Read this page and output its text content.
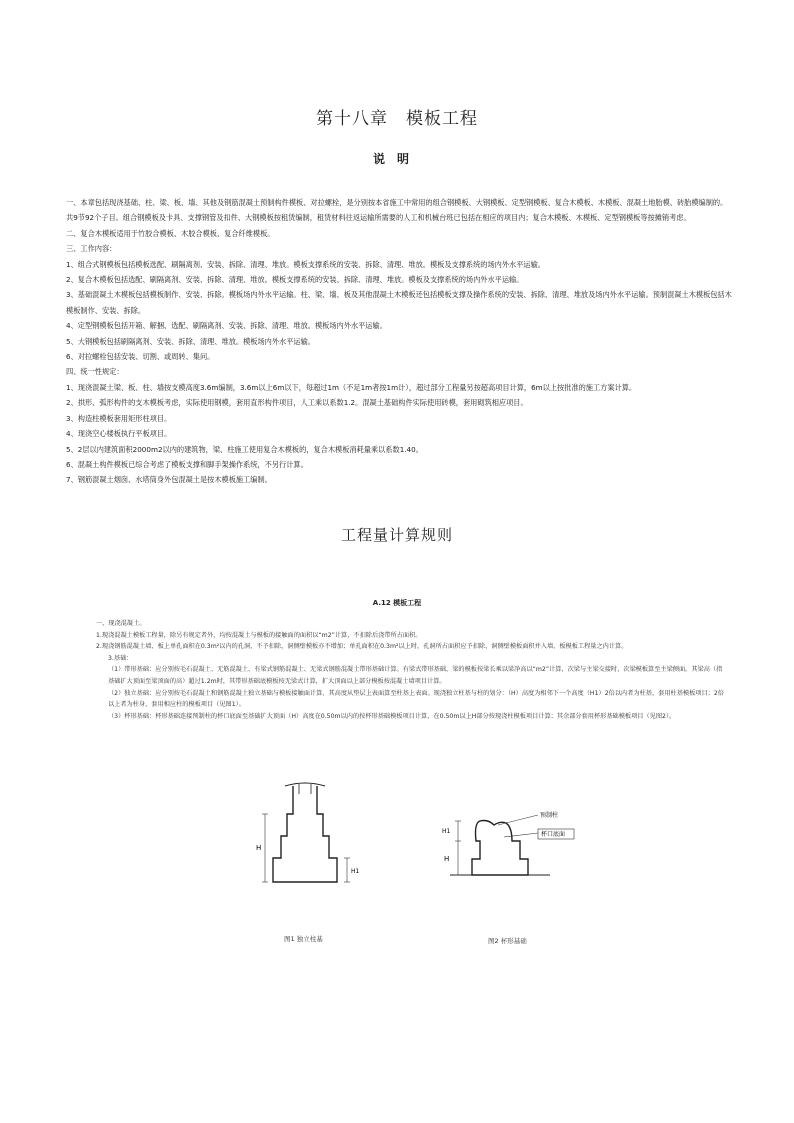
第十八章　模板工程
说明

一、本章包括现浇基础、柱、梁、板、墙、其他及钢筋混凝土预制构件模板、对拉螺栓，是分别按本省施工中常用的组合钢模板、大钢模板、定型钢模板、复合木模板、木模板、混凝土地胎模、砖胎模编制的。共9节92个子目。组合钢模板及卡具、支撑钢管及扣件、大钢模板按租赁编制，租赁材料往返运输所需要的人工和机械台班已包括在相应的项目内；复合木模板、木模板、定型钢模板等按摊销考虑。

二、复合木模板适用于竹胶合模板、木胶合模板、复合纤维模板。

三、工作内容：

1、组合式钢模板包括模板选配、刷隔离剂、安装、拆除、清理、堆放。模板支撑系统的安装、拆除、清理、堆放。模板及支撑系统的场内外水平运输。

2、复合木模板包括选配、刷隔离剂、安装、拆除、清理、堆放。模板支撑系统的安装、拆除、清理、堆放。模板及支撑系统的场内外水平运输。

3、基础混凝土木模板包括模板制作、安装、拆除。模板场内外水平运输。柱、梁、墙、板及其他混凝土木模板还包括模板支撑及操作系统的安装、拆除、清理、堆放及场内外水平运输。预制混凝土木模板包括木模板制作、安装、拆除。

4、定型钢模板包括开箱、解捆、选配、刷隔离剂、安装、拆除、清理、堆放。模板场内外水平运输。

5、大钢模板包括刷隔离剂、安装、拆除、清理、堆放。模板场内外水平运输。

6、对拉螺栓包括安装、切割、或周转、集问。

四、统一性规定：

1、现浇混凝土梁、板、柱、墙按支模高度3.6m编制，3.6m以上6m以下，每超过1m（不足1m者按1m计），超过部分工程量另按超高项目计算，6m以上按批准的施工方案计算。

2、拱形、弧形构件的支木模板考虑，实际使用钢模，套用直形构件项目，人工乘以系数1.2。混凝土基础构件实际使用砖模，套用砌筑相应项目。

3、构造柱模板套用矩形柱项目。

4、现浇空心楼板执行平板项目。

5、2层以内建筑面积2000m2以内的建筑物，梁、柱施工使用复合木模板的，复合木模板消耗量乘以系数1.40。

6、混凝土构件模板已综合考虑了模板支撑和脚手架操作系统，不另行计算。

7、钢筋混凝土烟囱、水塔筒身外包混凝土是按木模板施工编制。

工程量计算规则
A.12 模板工程

一、现浇混凝土。

1.现浇混凝土模板工程量，除另有规定者外，均按混凝土与模板的接触面的面积以“m2”计算，不扣除后浇带所占面积。

2.现浇钢筋混凝土墙、板上单孔面积在0.3m²以内的孔洞，不予扣除，洞侧壁模板亦不增加；单孔面积在0.3m²以上时，孔洞所占面积应予扣除，洞侧壁模板面积并入墙、板模板工程量之内计算。

3.基础：

（1）带形基础：应分别按毛石混凝土、无筋混凝土、有梁式钢筋混凝土、无梁式钢筋混凝土带形基础计算。有梁式带形基础，梁的模板按梁长乘以梁净高以“m2”计算，次梁与主梁交接时，次梁模板算至主梁侧面。其梁高（指基础扩大顶面至梁顶面的高）超过1.2m时，其带形基础底模板按无梁式计算，扩大顶面以上部分模板按混凝土墙项目计算。

（2）独立基础：应分别按毛石混凝土和钢筋混凝土独立基础与模板接触面计算，其高度从垫层上表面算至柱基上表面。现浇独立柱基与柱的划分：（H）高度为相邻下一个高度（H1）2倍以内者为柱基，套用柱基模板项目；2倍以上者为柱身，套用相应柱的模板项目（见图1）。

（3）杯形基础：杯形基础连接预制柱的杯口底面至基础扩大顶面（H）高度在0.50m以内的按杯形基础模板项目计算，在0.50m以上H部分按现浇柱模板项目计算；其余部分套用杯形基础模板项目（见图2）。

H
H1
图1 独立柱基
H1
H
预制柱
杯口底面
图2 杯形基础
